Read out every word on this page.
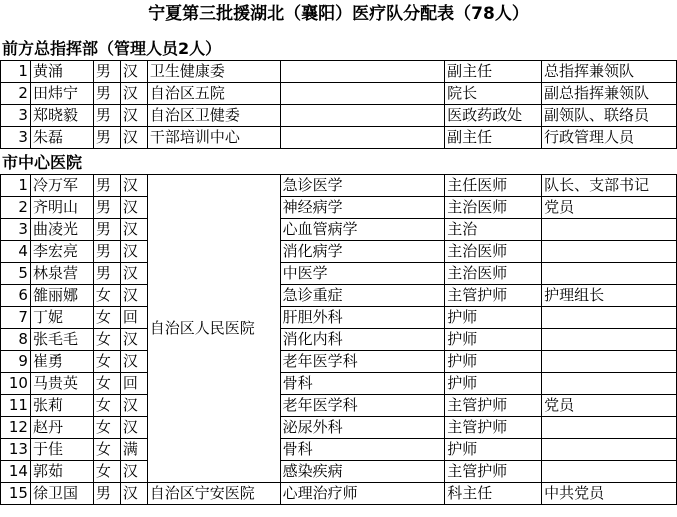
宁夏第三批援湖北（襄阳）医疗队分配表（78人）
前方总指挥部（管理人员2人）
1	黄涌	男	汉	卫生健康委		副主任	总指挥兼领队
2	田炜宁	男	汉	自治区五院		院长	副总指挥兼领队
3	郑晓毅	男	汉	自治区卫健委		医政药政处	副领队、联络员
3	朱磊	男	汉	干部培训中心		副主任	行政管理人员
市中心医院
1	冷万军	男	汉	自治区人民医院	急诊医学	主任医师	队长、支部书记
2	齐明山	男	汉		神经病学	主治医师	党员
3	曲凌光	男	汉		心血管病学	主治	
4	李宏亮	男	汉		消化病学	主治医师	
5	林泉营	男	汉		中医学	主治医师	
6	雒丽娜	女	汉		急诊重症	主管护师	护理组长
7	丁妮	女	回		肝胆外科	护师	
8	张毛毛	女	汉		消化内科	护师	
9	崔勇	女	汉		老年医学科	护师	
10	马贵英	女	回		骨科	护师	
11	张莉	女	汉		老年医学科	主管护师	党员
12	赵丹	女	汉		泌尿外科	主管护师	
13	于佳	女	满		骨科	护师	
14	郭茹	女	汉		感染疾病	主管护师	
15	徐卫国	男	汉	自治区宁安医院	心理治疗师	科主任	中共党员
